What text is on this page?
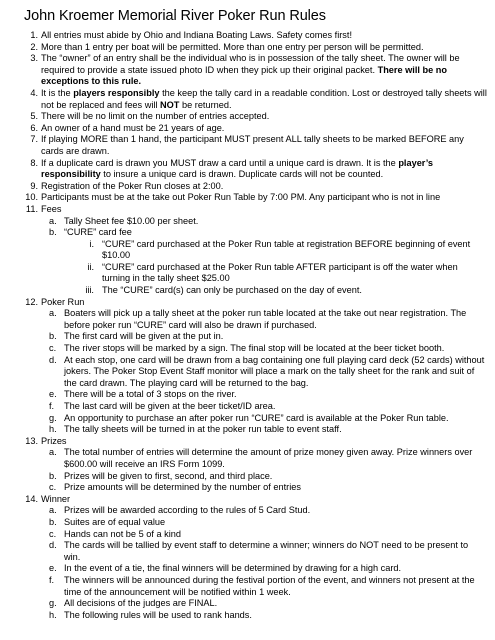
John Kroemer Memorial River Poker Run Rules
1. All entries must abide by Ohio and Indiana Boating Laws. Safety comes first!
2. More than 1 entry per boat will be permitted. More than one entry per person will be permitted.
3. The “owner” of an entry shall be the individual who is in possession of the tally sheet. The owner will be required to provide a state issued photo ID when they pick up their original packet. There will be no exceptions to this rule.
4. It is the players responsibly the keep the tally card in a readable condition. Lost or destroyed tally sheets will not be replaced and fees will NOT be returned.
5. There will be no limit on the number of entries accepted.
6. An owner of a hand must be 21 years of age.
7. If playing MORE than 1 hand, the participant MUST present ALL tally sheets to be marked BEFORE any cards are drawn.
8. If a duplicate card is drawn you MUST draw a card until a unique card is drawn. It is the player’s responsibility to insure a unique card is drawn. Duplicate cards will not be counted.
9. Registration of the Poker Run closes at 2:00.
10. Participants must be at the take out Poker Run Table by 7:00 PM. Any participant who is not in line
11. Fees
a. Tally Sheet fee $10.00 per sheet.
b. “CURE” card fee
i. “CURE” card purchased at the Poker Run table at registration BEFORE beginning of event $10.00
ii. “CURE” card purchased at the Poker Run table AFTER participant is off the water when turning in the tally sheet $25.00
iii. The “CURE” card(s) can only be purchased on the day of event.
12. Poker Run
a. Boaters will pick up a tally sheet at the poker run table located at the take out near registration. The before poker run “CURE” card will also be drawn if purchased.
b. The first card will be given at the put in.
c. The river stops will be marked by a sign. The final stop will be located at the beer ticket booth.
d. At each stop, one card will be drawn from a bag containing one full playing card deck (52 cards) without jokers. The Poker Stop Event Staff monitor will place a mark on the tally sheet for the rank and suit of the card drawn. The playing card will be returned to the bag.
e. There will be a total of 3 stops on the river.
f. The last card will be given at the beer ticket/ID area.
g. An opportunity to purchase an after poker run “CURE” card is available at the Poker Run table.
h. The tally sheets will be turned in at the poker run table to event staff.
13. Prizes
a. The total number of entries will determine the amount of prize money given away. Prize winners over $600.00 will receive an IRS Form 1099.
b. Prizes will be given to first, second, and third place.
c. Prize amounts will be determined by the number of entries
14. Winner
a. Prizes will be awarded according to the rules of 5 Card Stud.
b. Suites are of equal value
c. Hands can not be 5 of a kind
d. The cards will be tallied by event staff to determine a winner; winners do NOT need to be present to win.
e. In the event of a tie, the final winners will be determined by drawing for a high card.
f. The winners will be announced during the festival portion of the event, and winners not present at the time of the announcement will be notified within 1 week.
g. All decisions of the judges are FINAL.
h. The following rules will be used to rank hands.
